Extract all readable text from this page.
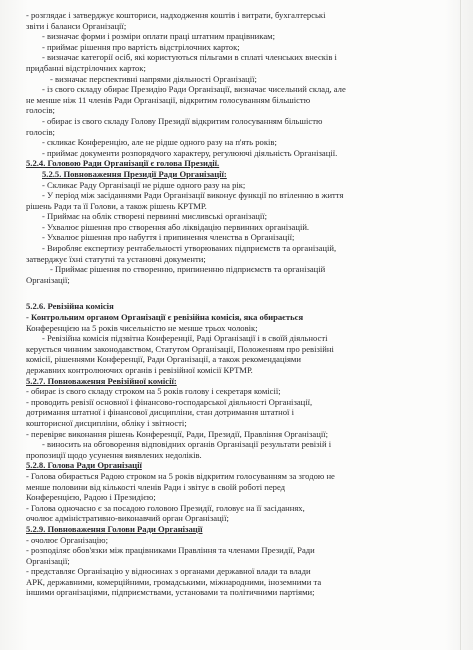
- розглядає і затверджує кошториси, надходження коштів і витрати, бухгалтерські
звіти і баланси Організації;
- визначає форми і розміри оплати праці штатним працівникам;
- приймає рішення про вартість відстрілочних карток;
- визначає категорії осіб, які користуються пільгами в сплаті членських внесків і
придбанні відстрілочних карток;
- визначає перспективні напрями діяльності Організації;
- із свого складу обирає Президію Ради Організації, визначає чисельний склад, але
не менше ніж 11 членів Ради Організації, відкритим голосуванням більшістю
голосів;
- обирає із свого складу Голову Президії відкритим голосуванням більшістю
голосів;
- скликає Конференцію, але не рідше одного разу на п'ять років;
- приймає документи розпорядчого характеру, регулюючі діяльність Організації.
5.2.4. Головою Ради Організації є голова Президії.
5.2.5. Повноваження Президії Ради Організації:
- Скликає Раду Організації не рідше одного разу на рік;
- У період між засіданнями Ради Організації виконує функції по втіленню в життя
рішень Ради та її Голови, а також рішень КРТМР.
- Приймає на облік створені первинні мисливські організації;
- Ухвалює рішення про створення або ліквідацію первинних організацій.
- Ухвалює рішення про набуття і припинення членства в Організації;
- Виробляє експертизу рентабельності утворюваних підприємств та організацій,
затверджує їхні статутні та установчі документи;
- Приймає рішення по створенню, припиненню підприємств та організацій
Організації;
5.2.6. Ревізійна комісія
- Контрольним органом Організації є ревізійна комісія, яка обирається
Конференцією на 5 років чисельністю не менше трьох чоловік;
- Ревізійна комісія підзвітна Конференції, Раді Організації і в своїй діяльності
керується чинним законодавством, Статутом Організації, Положенням про ревізійні
комісії, рішеннями Конференції, Ради Організації, а також рекомендаціями
державних контролюючих органів і ревізійної комісії КРТМР.
5.2.7. Повноваження Ревізійної комісії:
- обирає із свого складу строком на 5 років голову і секретаря комісії;
- проводить ревізії основної і фінансово-господарської діяльності Організації,
дотримання штатної і фінансової дисципліни, стан дотримання штатної і
кошторисної дисципліни, обліку і звітності;
- перевіряє виконання рішень Конференції, Ради, Президії, Правління Організації;
- виносить на обговорення відповідних органів Організації результати ревізій і
пропозиції щодо усунення виявлених недоліків.
5.2.8. Голова Ради Організації
- Голова обирається Радою строком на 5 років відкритим голосуванням за згодою не
менше половини від кількості членів Ради і звітує в своїй роботі перед
Конференцією, Радою і Президією;
- Голова одночасно є за посадою головою Президії, головує на її засіданнях,
очолює адміністративно-виконавчий орган Організації;
5.2.9. Повноваження Голови Ради Організації
- очолює Організацію;
- розподіляє обов'язки між працівниками Правління та членами Президії, Ради
Організації;
- представляє Організацію у відносинах з органами державної влади та влади
АРК, державними, комерційними, громадськими, міжнародними, іноземними та
іншими організаціями, підприємствами, установами та політичними партіями;
